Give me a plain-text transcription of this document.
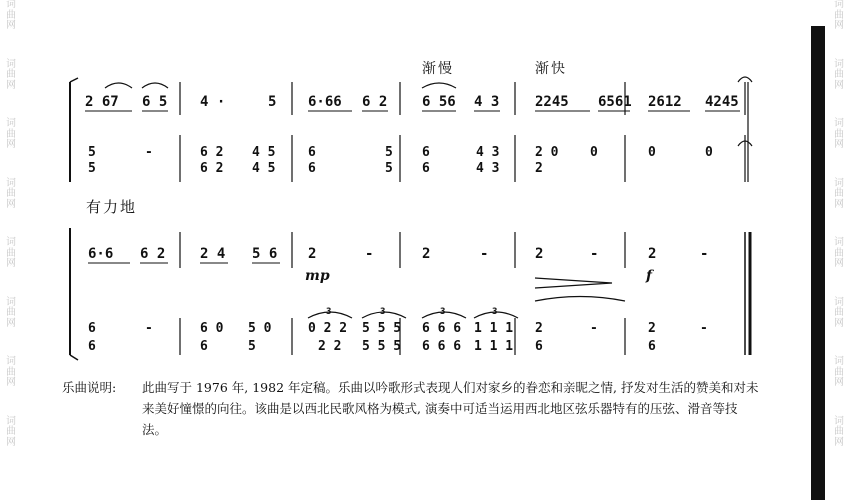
词
曲
网
词
曲
网
词
曲
网
词
曲
网
词
曲
网
词
曲
网
词
曲
网
词
曲
网
词
曲
网
词
曲
网
词
曲
网
词
曲
网
词
曲
网
词
曲
网
词
曲
网
词
曲
网
渐慢	渐快
有力地
mp	f
2 67 6 5 4 ·	5 6·66 6 2 6 56 4 3	2245 6561 2612 4245
5	-	6 2 4 5	6	5 6	4 3	2 0 0	0	0
5	6 2 4 5	6	5 6	4 3	2
6·6 6 2 2 4 5 6 2	-	2	-	2	-	2	-
6	-	6 0 5 0	0 2 2 5 5 5 6 6 6 1 1 1 2	-	2	-
6	6	5	2 2 5 5 5 6 6 6 1 1 1 6	6
3	3	3	3
乐曲说明: 此曲写于 1976 年, 1982 年定稿。乐曲以吟歌形式表现人们对家乡的眷恋和亲昵之情, 抒发对生活的赞美和对未来美好憧憬的向往。该曲是以西北民歌风格为模式, 演奏中可适当运用西北地区弦乐器特有的压弦、滑音等技法。
